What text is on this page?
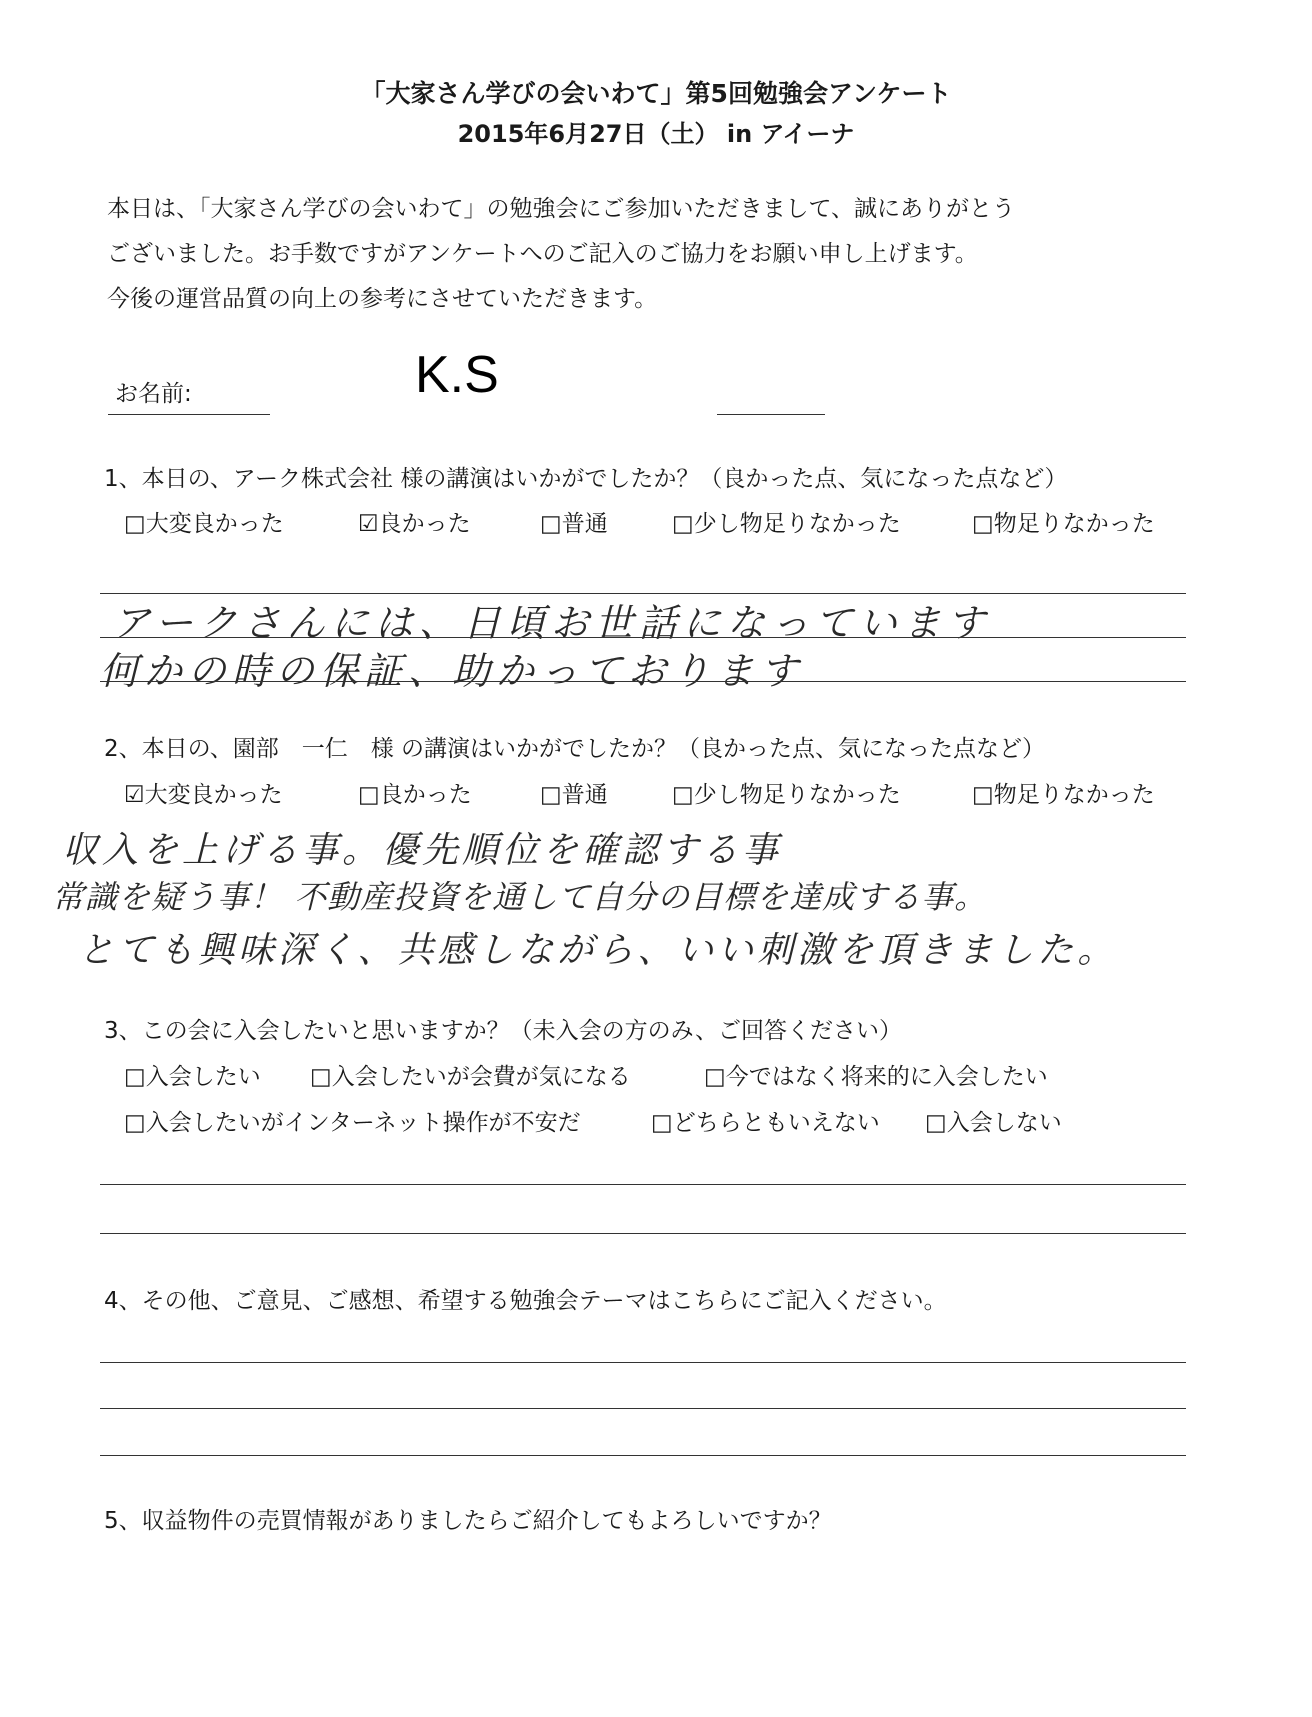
「大家さん学びの会いわて」第5回勉強会アンケート
2015年6月27日（土） in アイーナ
本日は、「大家さん学びの会いわて」の勉強会にご参加いただきまして、誠にありがとう
ございました。お手数ですがアンケートへのご記入のご協力をお願い申し上げます。
今後の運営品質の向上の参考にさせていただきます。
お名前:	K.S
1、本日の、アーク株式会社 様の講演はいかがでしたか？（良かった点、気になった点など）
□大変良かった	☑良かった	□普通	□少し物足りなかった	□物足りなかった
アークさんには、日頃お世話になっています
何かの時の保証、助かっております
2、本日の、園部　一仁　様 の講演はいかがでしたか？（良かった点、気になった点など）
☑大変良かった	□良かった	□普通	□少し物足りなかった	□物足りなかった
収入を上げる事。優先順位を確認する事
常識を疑う事！ 不動産投資を通して自分の目標を達成する事。
とても興味深く、共感しながら、いい刺激を頂きました。
3、この会に入会したいと思いますか？（未入会の方のみ、ご回答ください）
□入会したい □入会したいが会費が気になる	□今ではなく将来的に入会したい
□入会したいがインターネット操作が不安だ	□どちらともいえない □入会しない
4、その他、ご意見、ご感想、希望する勉強会テーマはこちらにご記入ください。
5、収益物件の売買情報がありましたらご紹介してもよろしいですか？
